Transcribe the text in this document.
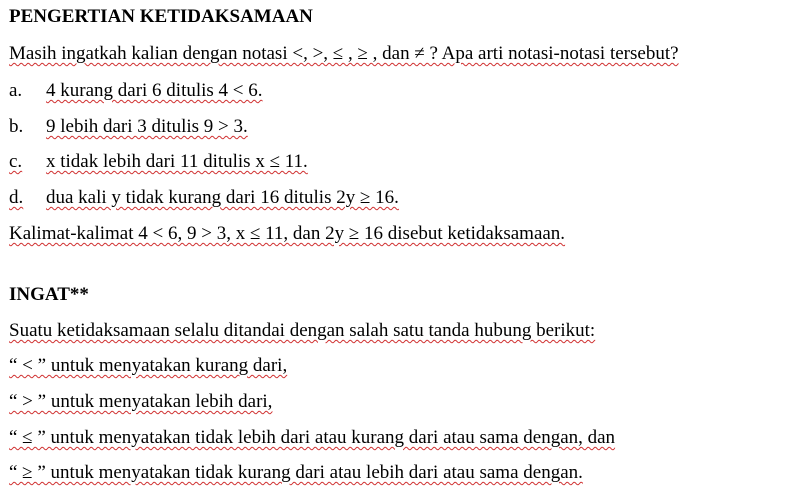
PENGERTIAN KETIDAKSAMAAN
Masih ingatkah kalian dengan notasi <, >, ≤ , ≥ , dan ≠ ? Apa arti notasi-notasi tersebut?
a. 4 kurang dari 6 ditulis 4 < 6.
b. 9 lebih dari 3 ditulis 9 > 3.
c. x tidak lebih dari 11 ditulis x ≤ 11.
d. dua kali y tidak kurang dari 16 ditulis 2y ≥ 16.
Kalimat-kalimat 4 < 6, 9 > 3, x ≤ 11, dan 2y ≥ 16 disebut ketidaksamaan.
INGAT**
Suatu ketidaksamaan selalu ditandai dengan salah satu tanda hubung berikut:
“ < ” untuk menyatakan kurang dari,
“ > ” untuk menyatakan lebih dari,
“ ≤ ” untuk menyatakan tidak lebih dari atau kurang dari atau sama dengan, dan
“ ≥ ” untuk menyatakan tidak kurang dari atau lebih dari atau sama dengan.
